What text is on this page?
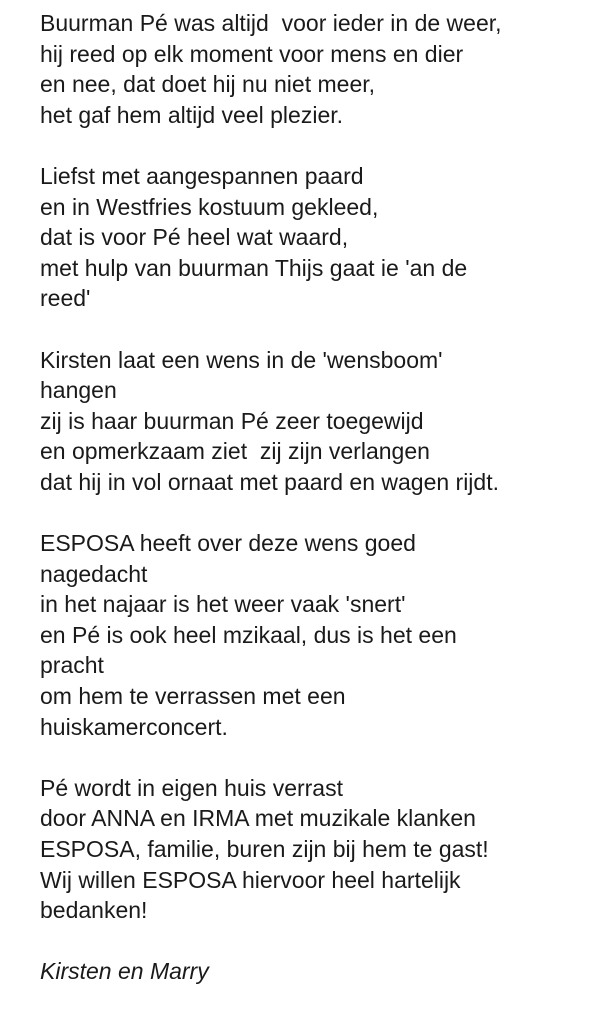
Buurman Pé was altijd  voor ieder in de weer,
hij reed op elk moment voor mens en dier
en nee, dat doet hij nu niet meer,
het gaf hem altijd veel plezier.
Liefst met aangespannen paard
en in Westfries kostuum gekleed,
dat is voor Pé heel wat waard,
met hulp van buurman Thijs gaat ie 'an de
reed'
Kirsten laat een wens in de 'wensboom'
hangen
zij is haar buurman Pé zeer toegewijd
en opmerkzaam ziet  zij zijn verlangen
dat hij in vol ornaat met paard en wagen rijdt.
ESPOSA heeft over deze wens goed
nagedacht
in het najaar is het weer vaak 'snert'
en Pé is ook heel mzikaal, dus is het een
pracht
om hem te verrassen met een
huiskamerconcert.
Pé wordt in eigen huis verrast
door ANNA en IRMA met muzikale klanken
ESPOSA, familie, buren zijn bij hem te gast!
Wij willen ESPOSA hiervoor heel hartelijk
bedanken!
Kirsten en Marry
